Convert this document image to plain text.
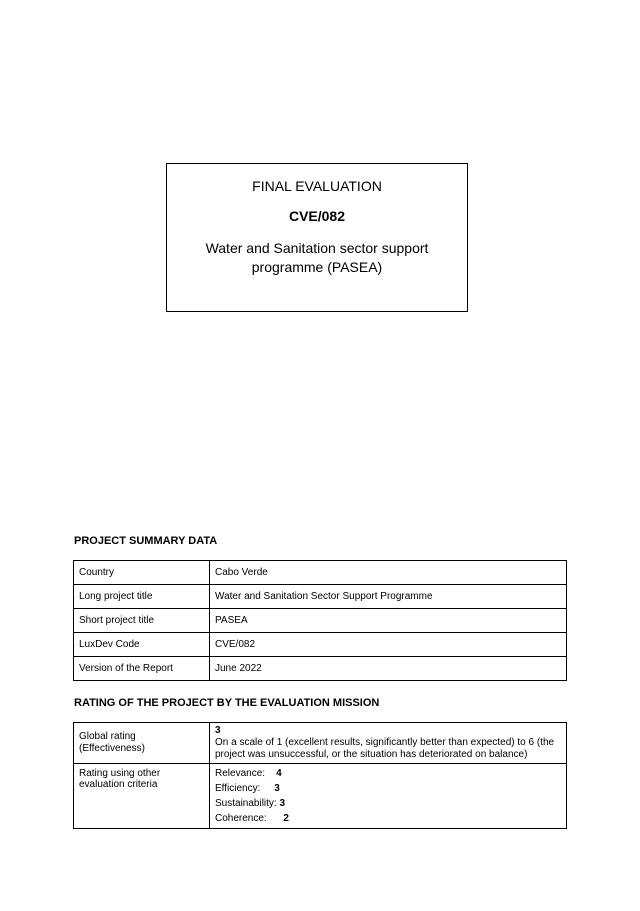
FINAL EVALUATION
CVE/082
Water and Sanitation sector support programme (PASEA)
PROJECT SUMMARY DATA
Country	Cabo Verde
Long project title	Water and Sanitation Sector Support Programme
Short project title	PASEA
LuxDev Code	CVE/082
Version of the Report	June 2022
RATING OF THE PROJECT BY THE EVALUATION MISSION
Global rating (Effectiveness)	3
On a scale of 1 (excellent results, significantly better than expected) to 6 (the project was unsuccessful, or the situation has deteriorated on balance)

Rating using other evaluation criteria	Relevance: 4
Efficiency: 3
Sustainability: 3
Coherence: 2
